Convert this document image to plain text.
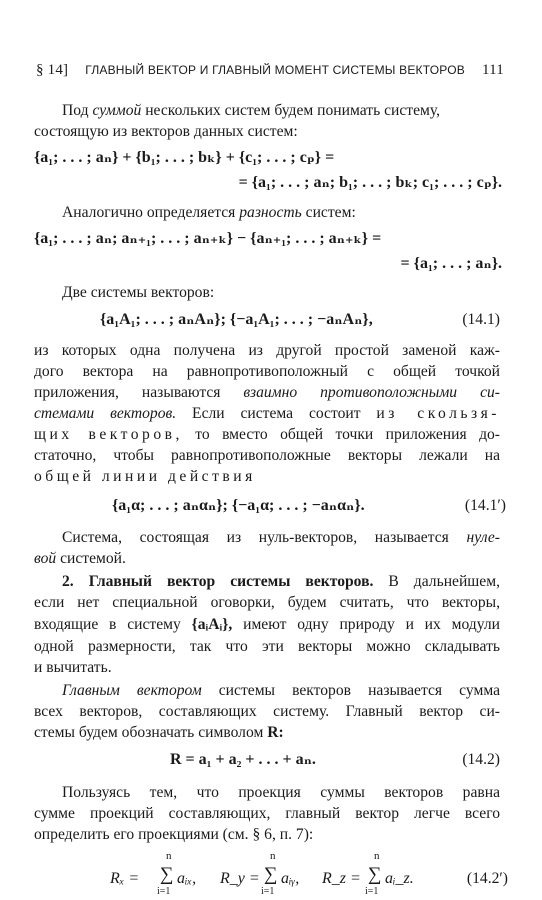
§ 14] ГЛАВНЫЙ ВЕКТОР И ГЛАВНЫЙ МОМЕНТ СИСТЕМЫ ВЕКТОРОВ 111
Под суммой нескольких систем будем понимать систему,
состоящую из векторов данных систем:
{a₁; . . . ; aₙ} + {b₁; . . . ; bₖ} + {c₁; . . . ; cₚ} =
= {a₁; . . . ; aₙ; b₁; . . . ; bₖ; c₁; . . . ; cₚ}.
Аналогично определяется разность систем:
{a₁; . . . ; aₙ; aₙ₊₁; . . . ; aₙ₊ₖ} − {aₙ₊₁; . . . ; aₙ₊ₖ} =
= {a₁; . . . ; aₙ}.
Две системы векторов:
{a₁A₁; . . . ; aₙAₙ}; {−a₁A₁; . . . ; −aₙAₙ},	(14.1)
из которых одна получена из другой простой заменой каж-
дого вектора на равнопротивоположный с общей точкой
приложения, называются взаимно противоположными си-
стемами векторов. Если система состоит из скользя-
щих векторов, то вместо общей точки приложения до-
статочно, чтобы равнопротивоположные векторы лежали на
общей линии действия
{a₁α; . . . ; aₙαₙ}; {−a₁α; . . . ; −aₙαₙ}.	(14.1′)
Система, состоящая из нуль-векторов, называется нуле-
вой системой.
2. Главный вектор системы векторов. В дальнейшем,
если нет специальной оговорки, будем считать, что векторы,
входящие в систему {aᵢAᵢ}, имеют одну природу и их модули
одной размерности, так что эти векторы можно складывать
и вычитать.
Главным вектором системы векторов называется сумма
всех векторов, составляющих систему. Главный вектор си-
стемы будем обозначать символом R:
R = a₁ + a₂ + . . . + aₙ.	(14.2)
Пользуясь тем, что проекция суммы векторов равна
сумме проекций составляющих, главный вектор легче всего
определить его проекциями (см. § 6, п. 7):
Rₓ =
n
∑
i=1
aᵢₓ, R_y =
n
∑
i=1
aᵢᵧ, R_z =
n
∑
i=1
aᵢ_z.	(14.2′)
